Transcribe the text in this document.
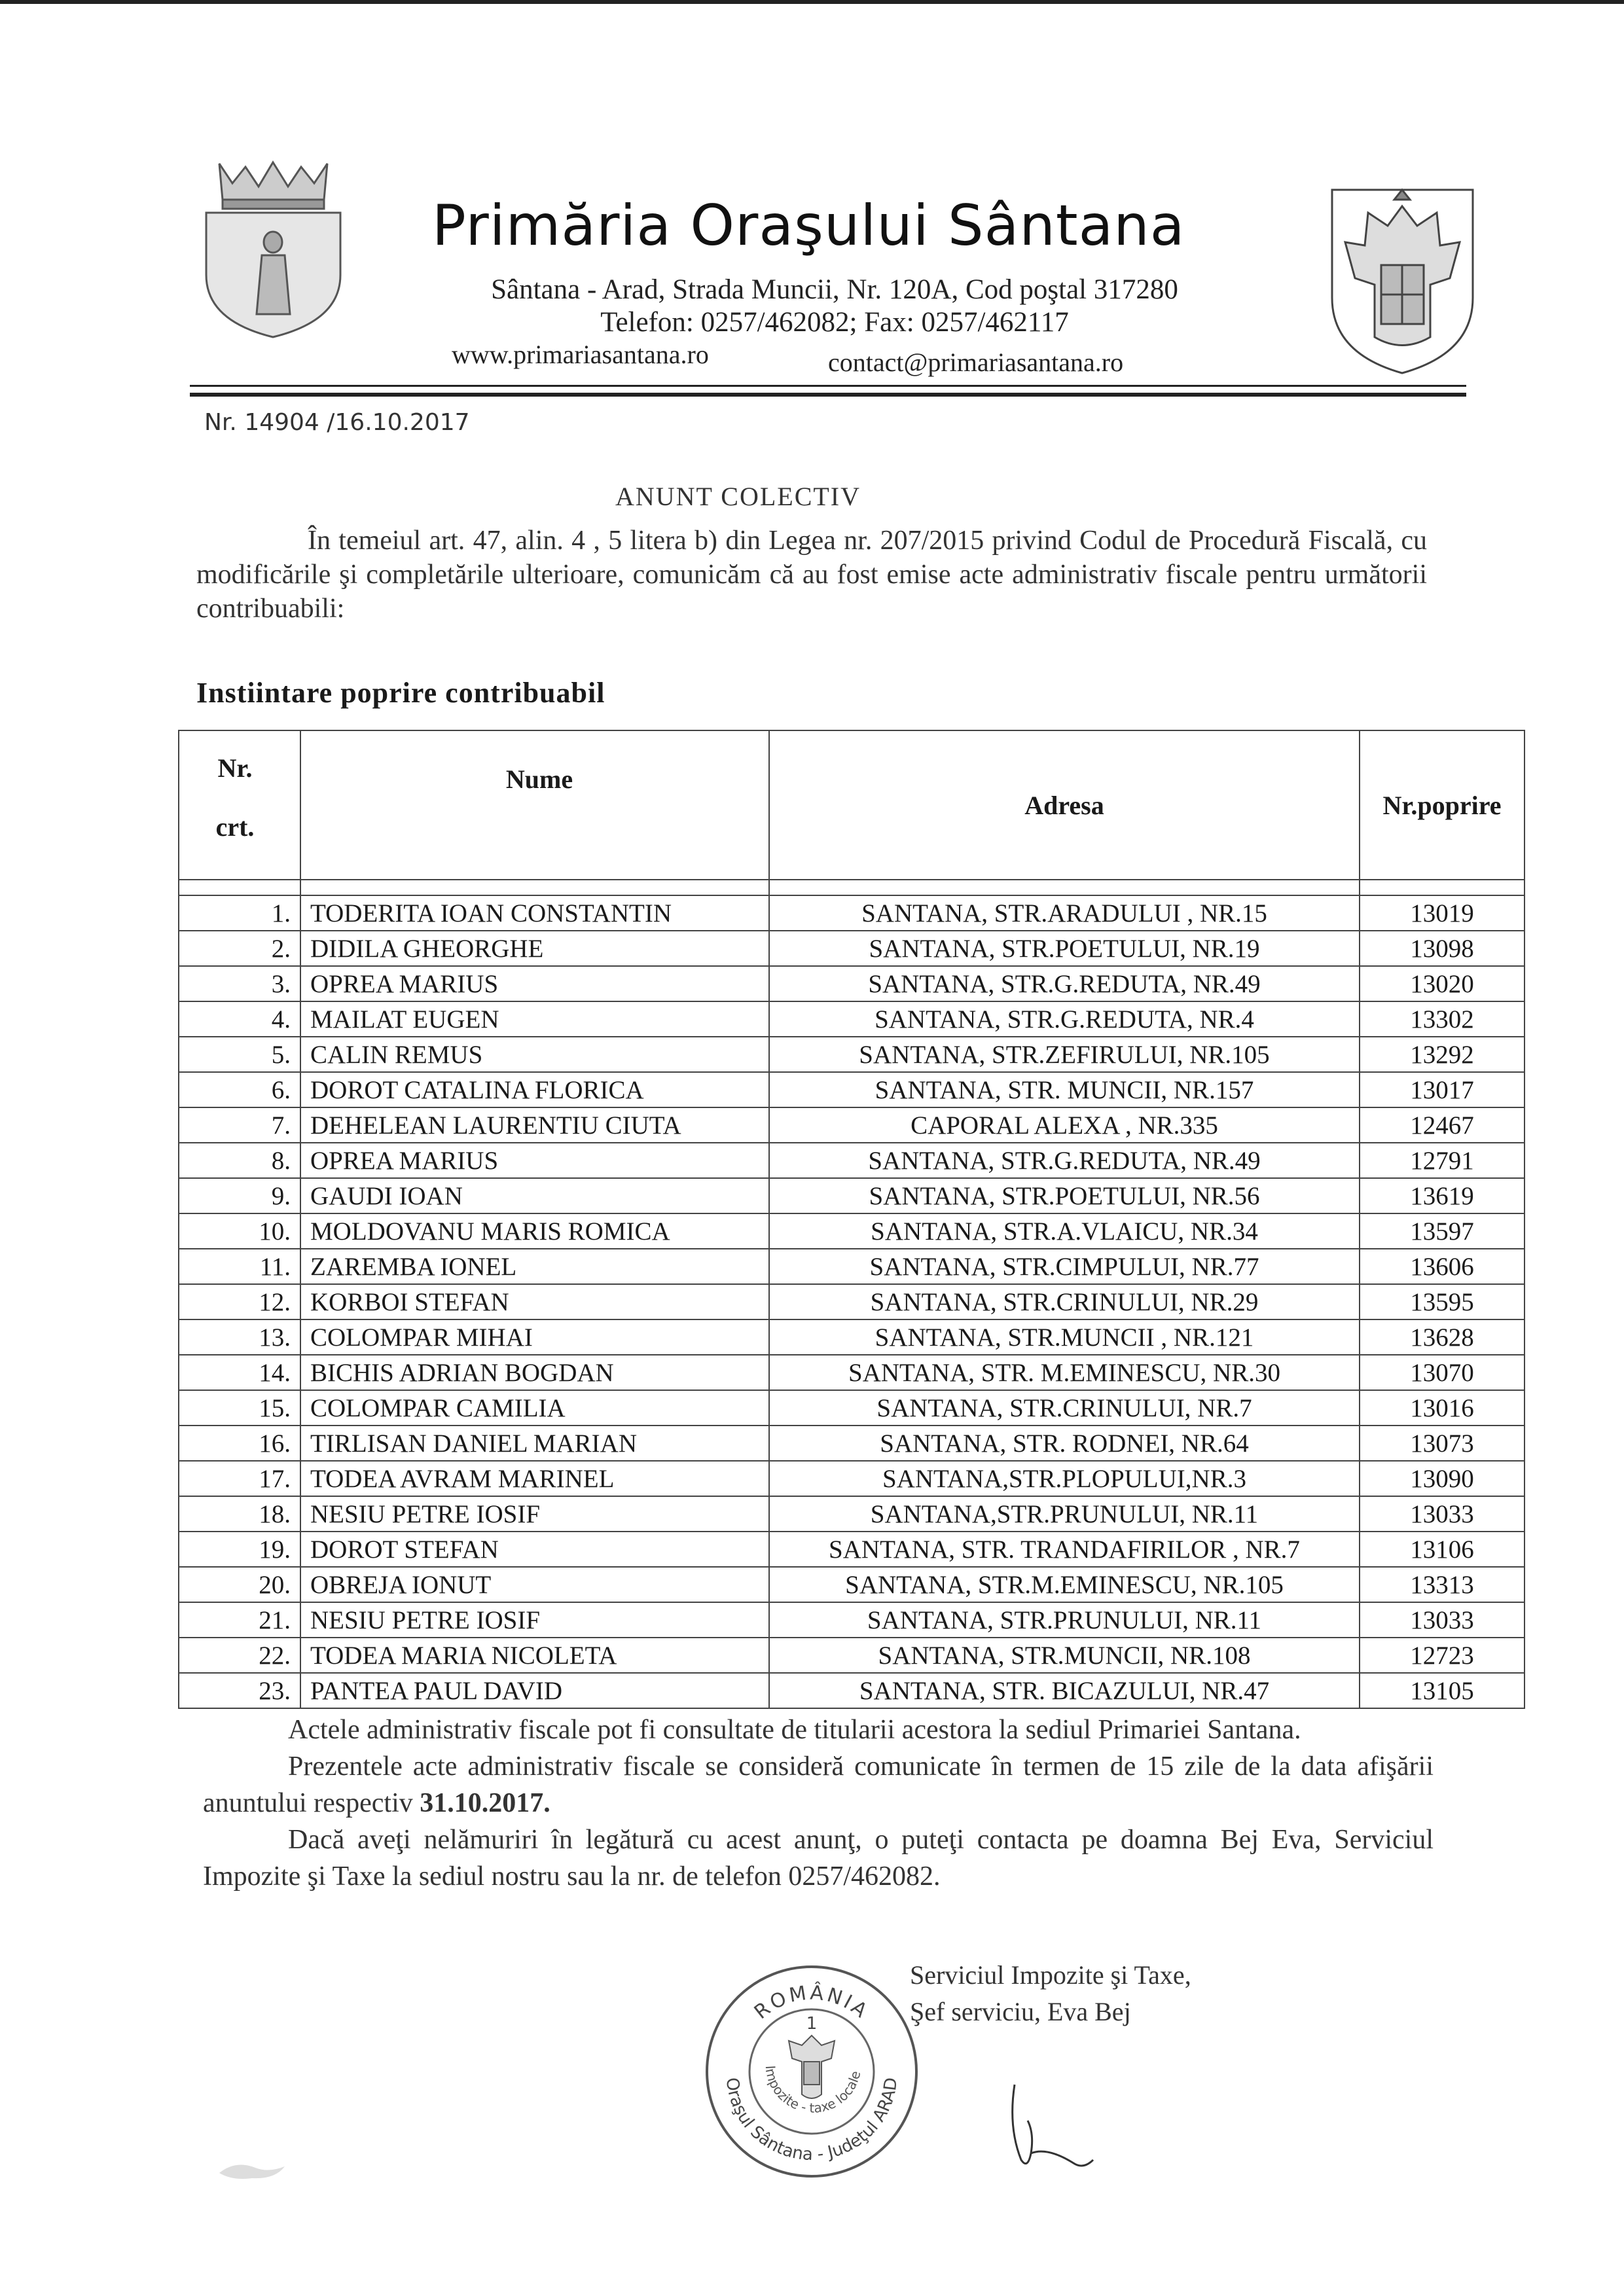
Primăria Oraşului Sântana
Sântana - Arad, Strada Muncii, Nr. 120A, Cod poştal 317280
Telefon: 0257/462082; Fax: 0257/462117
www.primariasantana.ro	contact@primariasantana.ro
Nr. 14904 /16.10.2017
ANUNT COLECTIV
În temeiul art. 47, alin. 4 , 5 litera b) din Legea nr. 207/2015 privind Codul de Procedură Fiscală, cu modificările şi completările ulterioare, comunicăm că au fost emise acte administrativ fiscale pentru următorii contribuabili:
Instiintare poprire contribuabil
Nr.
crt.	Nume	Adresa	Nr.poprire

1.	TODERITA IOAN CONSTANTIN	SANTANA, STR.ARADULUI , NR.15	13019
2.	DIDILA GHEORGHE	SANTANA, STR.POETULUI, NR.19	13098
3.	OPREA MARIUS	SANTANA, STR.G.REDUTA, NR.49	13020
4.	MAILAT EUGEN	SANTANA, STR.G.REDUTA, NR.4	13302
5.	CALIN REMUS	SANTANA, STR.ZEFIRULUI, NR.105	13292
6.	DOROT CATALINA FLORICA	SANTANA, STR. MUNCII, NR.157	13017
7.	DEHELEAN LAURENTIU CIUTA	CAPORAL ALEXA , NR.335	12467
8.	OPREA MARIUS	SANTANA, STR.G.REDUTA, NR.49	12791
9.	GAUDI IOAN	SANTANA, STR.POETULUI, NR.56	13619
10.	MOLDOVANU MARIS ROMICA	SANTANA, STR.A.VLAICU, NR.34	13597
11.	ZAREMBA IONEL	SANTANA, STR.CIMPULUI, NR.77	13606
12.	KORBOI STEFAN	SANTANA, STR.CRINULUI, NR.29	13595
13.	COLOMPAR MIHAI	SANTANA, STR.MUNCII , NR.121	13628
14.	BICHIS ADRIAN BOGDAN	SANTANA, STR. M.EMINESCU, NR.30	13070
15.	COLOMPAR CAMILIA	SANTANA, STR.CRINULUI, NR.7	13016
16.	TIRLISAN DANIEL MARIAN	SANTANA, STR. RODNEI, NR.64	13073
17.	TODEA AVRAM MARINEL	SANTANA,STR.PLOPULUI,NR.3	13090
18.	NESIU PETRE IOSIF	SANTANA,STR.PRUNULUI, NR.11	13033
19.	DOROT STEFAN	SANTANA, STR. TRANDAFIRILOR , NR.7	13106
20.	OBREJA IONUT	SANTANA, STR.M.EMINESCU, NR.105	13313
21.	NESIU PETRE IOSIF	SANTANA, STR.PRUNULUI, NR.11	13033
22.	TODEA MARIA NICOLETA	SANTANA, STR.MUNCII, NR.108	12723
23.	PANTEA PAUL DAVID	SANTANA, STR. BICAZULUI, NR.47	13105

Actele administrativ fiscale pot fi consultate de titularii acestora la sediul Primariei Santana.

Prezentele acte administrativ fiscale se consideră comunicate în termen de 15 zile de la data afişării anuntului respectiv 31.10.2017.

Dacă aveţi nelămuriri în legătură cu acest anunţ, o puteţi contacta pe doamna Bej Eva, Serviciul Impozite şi Taxe la sediul nostru sau la nr. de telefon 0257/462082.

Serviciul Impozite şi Taxe,
Şef serviciu, Eva Bej
ROMÂNIA
Oraşul Sântana - Judeţul ARAD
Impozite - taxe locale
1
